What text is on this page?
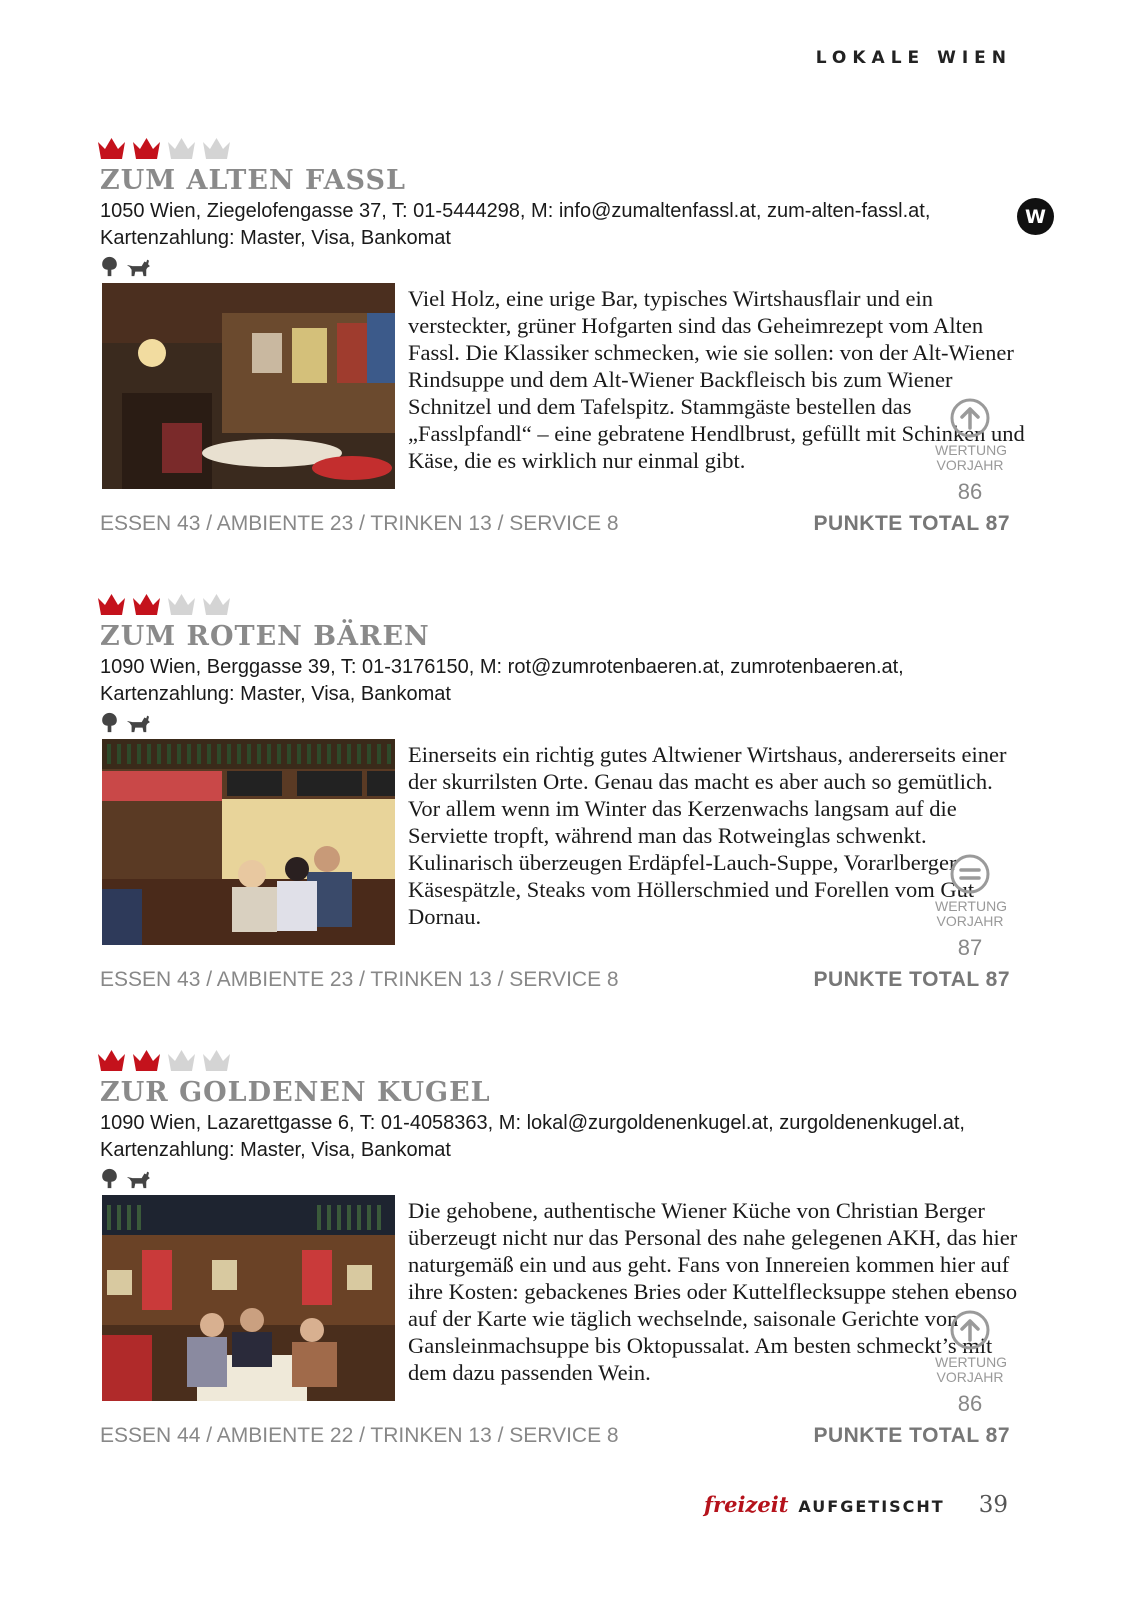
LOKALE WIEN
W
ZUM ALTEN FASSL
1050 Wien, Ziegelofengasse 37, T: 01-5444298, M: info@zumaltenfassl.at, zum-alten-fassl.at, Kartenzahlung: Master, Visa, Bankomat
Viel Holz, eine urige Bar, typisches Wirtshausflair und ein versteckter, grüner Hofgarten sind das Geheimrezept vom Alten Fassl. Die Klassiker schmecken, wie sie sollen: von der Alt-Wiener Rindsuppe und dem Alt-Wiener Backfleisch bis zum Wiener Schnitzel und dem Tafelspitz. Stammgäste bestellen das „Fasslpfandl“ – eine gebratene Hendlbrust, gefüllt mit Schinken und Käse, die es wirklich nur einmal gibt.	WERTUNG
VORJAHR
86
ESSEN 43 / AMBIENTE 23 / TRINKEN 13 / SERVICE 8	PUNKTE TOTAL 87
ZUM ROTEN BÄREN
1090 Wien, Berggasse 39, T: 01-3176150, M: rot@zumrotenbaeren.at, zumrotenbaeren.at, Kartenzahlung: Master, Visa, Bankomat
Einerseits ein richtig gutes Altwiener Wirtshaus, andererseits einer der skurrilsten Orte. Genau das macht es aber auch so gemütlich. Vor allem wenn im Winter das Kerzenwachs langsam auf die Serviette tropft, während man das Rotweinglas schwenkt. Kulinarisch überzeugen Erdäpfel-Lauch-Suppe, Vorarlberger Käsespätzle, Steaks vom Höllerschmied und Forellen vom Gut Dornau.	WERTUNG
VORJAHR
87
ESSEN 43 / AMBIENTE 23 / TRINKEN 13 / SERVICE 8	PUNKTE TOTAL 87
ZUR GOLDENEN KUGEL
1090 Wien, Lazarettgasse 6, T: 01-4058363, M: lokal@zurgoldenenkugel.at, zurgoldenenkugel.at, Kartenzahlung: Master, Visa, Bankomat
Die gehobene, authentische Wiener Küche von Christian Berger überzeugt nicht nur das Personal des nahe gelegenen AKH, das hier naturgemäß ein und aus geht. Fans von Innereien kommen hier auf ihre Kosten: gebackenes Bries oder Kuttelflecksuppe stehen ebenso auf der Karte wie täglich wechselnde, saisonale Gerichte von Gansleinmachsuppe bis Oktopussalat. Am besten schmeckt’s mit dem dazu passenden Wein.	WERTUNG
VORJAHR
86
ESSEN 44 / AMBIENTE 22 / TRINKEN 13 / SERVICE 8	PUNKTE TOTAL 87
freizeit AUFGETISCHT 39
